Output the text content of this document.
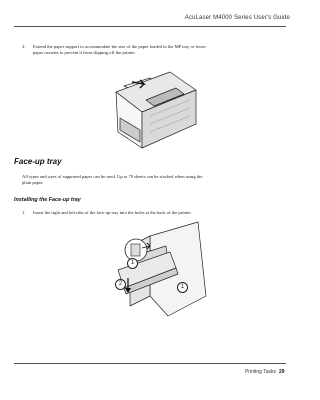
AcuLaser M4000 Series User's Guide
2. Extend the paper support to accommodate the size of the paper loaded in the MP tray or lower
paper cassette to prevent it from slipping off the printer.
Face-up tray
All types and sizes of supported paper can be used. Up to 70 sheets can be stacked when using the
plain paper.
Installing the Face-up tray
1. Insert the right and left tabs of the face-up tray into the holes at the back of the printer.
1
1
2
Printing Tasks 29
